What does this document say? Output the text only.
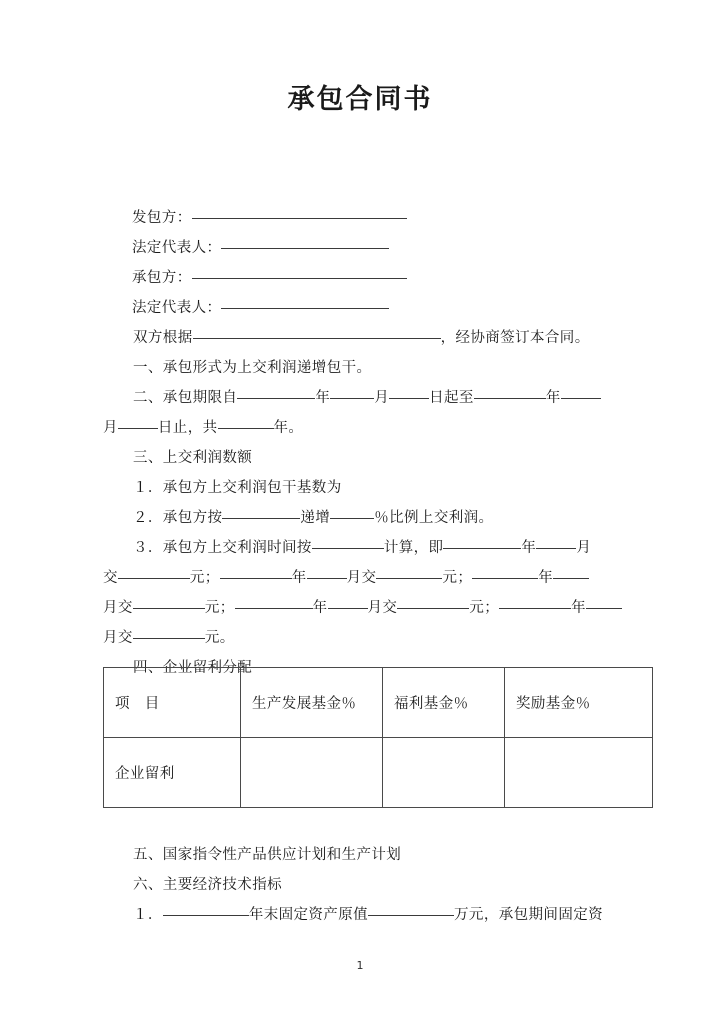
承包合同书
发包方：
法定代表人：
承包方：
法定代表人：
双方根据	，经协商签订本合同。
一、承包形式为上交利润递增包干。
二、承包期限自	年	月	日起至	年
月	日止，共	年。
三、上交利润数额
１．承包方上交利润包干基数为
２．承包方按	递增	％比例上交利润。
３．承包方上交利润时间按	计算，即	年	月
交	元；	年	月交	元；	年
月交	元；	年	月交	元；	年
月交	元。
四、企业留利分配
项　目	生产发展基金％	福利基金％	奖励基金％
企业留利			
五、国家指令性产品供应计划和生产计划
六、主要经济技术指标
１．	年末固定资产原值	万元，承包期间固定资
1
